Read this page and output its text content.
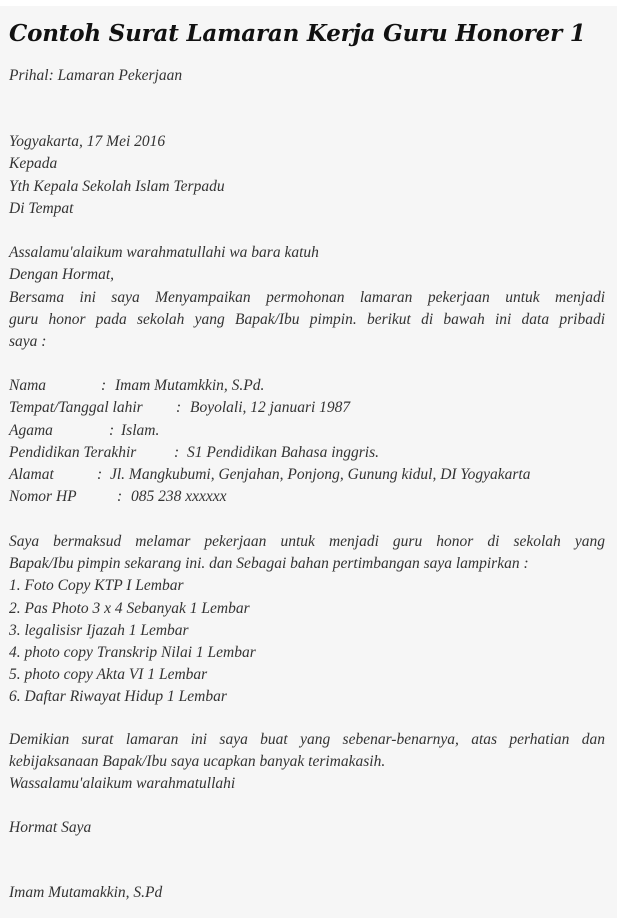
Contoh Surat Lamaran Kerja Guru Honorer 1
Prihal: Lamaran Pekerjaan
Yogyakarta, 17 Mei 2016
Kepada
Yth Kepala Sekolah Islam Terpadu
Di Tempat
Assalamu'alaikum warahmatullahi wa bara katuh
Dengan Hormat,
Bersama ini saya Menyampaikan permohonan lamaran pekerjaan untuk menjadi
guru honor pada sekolah yang Bapak/Ibu pimpin. berikut di bawah ini data pribadi
saya :
Nama	: Imam Mutamkkin, S.Pd.
Tempat/Tanggal lahir : Boyolali, 12 januari 1987
Agama	: Islam.
Pendidikan Terakhir : S1 Pendidikan Bahasa inggris.
Alamat	: Jl. Mangkubumi, Genjahan, Ponjong, Gunung kidul, DI Yogyakarta
Nomor HP	: 085 238 xxxxxx
Saya bermaksud melamar pekerjaan untuk menjadi guru honor di sekolah yang
Bapak/Ibu pimpin sekarang ini. dan Sebagai bahan pertimbangan saya lampirkan :
1. Foto Copy KTP I Lembar
2. Pas Photo 3 x 4 Sebanyak 1 Lembar
3. legalisisr Ijazah 1 Lembar
4. photo copy Transkrip Nilai 1 Lembar
5. photo copy Akta VI 1 Lembar
6. Daftar Riwayat Hidup 1 Lembar
Demikian surat lamaran ini saya buat yang sebenar-benarnya, atas perhatian dan
kebijaksanaan Bapak/Ibu saya ucapkan banyak terimakasih.
Wassalamu'alaikum warahmatullahi
Hormat Saya
Imam Mutamakkin, S.Pd
